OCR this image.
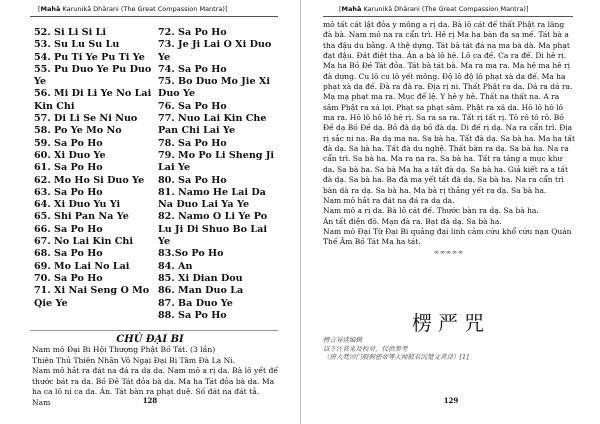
[Mahā Karunikā Dhārani (The Great Compassion Mantra)]

52. Si Li Si Li

53. Su Lu Su Lu

54. Pu Ti Ye Pu Ti Ye

55. Pu Duo Ye Pu Duo Ye

56. Mi Di Li Ye No Lai Kin Chi

57. Di Li Se Ni Nuo

58. Po Ye Mo No

59. Sa Po Ho

60. Xi Duo Ye

61. Sa Po Ho

62. Mo Ho Si Duo Ye

63. Sa Po Ho

64. Xi Duo Yu Yi

65. Shi Pan Na Ye

66. Sa Po Ho

67. No Lai Kin Chi

68. Sa Po Ho

69. Mo Lai No Lai

70. Sa Po Ho

71. Xi Nai Seng O Mo Qie Ye

72. Sa Po Ho

73. Je Ji Lai O Xi Duo Ye

74. Sa Po Ho

75. Bo Duo Mo Jie Xi Duo Ye

76. Sa Po Ho

77. Nuo Lai Kin Che Pan Chi Lai Ye

78. Sa Po Ho

79. Mo Po Li Sheng Ji Lai Ye

80. Sa Po Ho

81. Namo He Lai Da Na Duo Lai Ya Ye

82. Namo O Li Ye Po Lu Ji Di Shuo Bo Lai Ye

83.So Po Ho

84. An

85. Xi Dian Dou

86. Man Duo La

87. Ba Duo Ye

88. Sa Po Ho

CHÚ ĐẠI BI

Nam mô Đại Bi Hội Thượng Phật Bồ Tát. (3 lần)

Thiên Thủ Thiên Nhãn Vô Ngại Đại Bi Tâm Đà La Ni.

Nam mô hắt ra đát na đá ra dạ da. Nam mô a rị da. Bà lô yết đế thước bát ra da. Bồ Đề Tát đỏa bà da. Ma ha Tát đỏa bà da. Ma ha ca lô ni ca da. Án. Tát bàn ra phạt duệ. Số đát na đát tả. Nam	128
[Mahā Karunikā Dhārani (The Great Compassion Mantra)]

mô tất cát lật đỏa y mông a rị da. Bà lô cát đế thất Phật ra lăng đà bà. Nam mô na ra cẩn trì. Hê rị Ma ha bàn đa sa mế. Tát bà a tha đậu du bằng. A thệ dựng. Tát bà tát đá na ma bà dà. Ma phạt đạt đậu. Đát điệt tha. Án a bà lô hê. Lô ca đế. Ca ra đế. Di hê rị. Ma ha Bồ Đề Tát đỏa. Tát bà tát bà. Ma ra ma ra. Ma hê ma hê rị đà dựng. Cu lô cu lô yết mông. Độ lô độ lô phạt xà da đế. Ma ha phạt xà da đế. Đà ra đà ra. Địa rị ni. Thất Phật ra da. Dá ra dá ra. Mạ mạ phạt ma ra. Mục đế lệ. Y hê y hê. Thất na thất na. A ra sâm Phật ra xá lợi. Phạt sa phạt sâm. Phật ra xá da. Hô lô hô lô ma ra. Hô lô hô lô hê rị. Sa ra sa ra. Tất rị tất rị. Tô rô tô rô. Bồ Đề dạ Bồ Đề dạ. Bồ đà dạ bồ đà dạ. Di đế rị dạ. Na ra cẩn trì. Địa rị sắc ni na. Ba dạ ma na. Sa bà ha. Tất đà dạ. Sa bà ha. Ma ha tất đà dạ. Sa bà ha. Tất đà du nghệ. Thất bàn ra dạ. Sa bà ha. Na ra cẩn trì. Sa bà ha. Ma ra na ra. Sa bà ha. Tất ra tăng a mục khư da. Sa bà ha. Sa bà Ma ha a tất đà dạ. Sa bà ha. Giả kiết ra a tất đà dạ. Sa bà ha. Ba đà ma yết tất đà dạ. Sa bà ha. Na ra cẩn trì bàn dà ra dạ. Sa bà ha. Ma bà rị thắng yết ra dạ. Sa bà ha.

Nam mô hắt ra đát na đá ra dạ da.

Nam mô a rị da. Bà lô cát đế. Thước bàn ra dạ. Sa bà ha.

Án tất điện đô. Mạn đà ra. Bạt đà dạ. Sa bà ha.

Nam mô Đại Từ Đại Bi quảng đại linh cảm cứu khổ cứu nạn Quán Thế Âm Bồ Tát Ma ha tát.

∞∞∞∞∞

楞严咒

楞言导读编辑

以下注音来及校对，仅供参考

（唐大梵沙门般刺密帝等大师般若沉楚文音译）[1]

129
